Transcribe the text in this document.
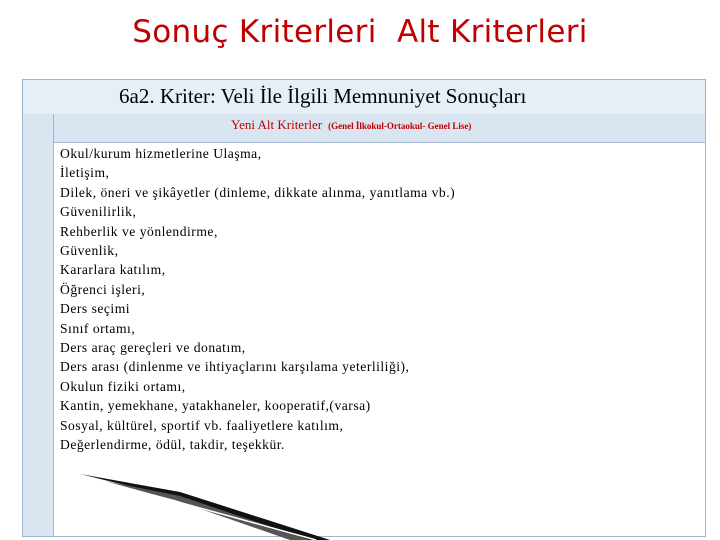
Sonuç Kriterleri  Alt Kriterleri
6a2. Kriter: Veli İle İlgili Memnuniyet Sonuçları
Yeni Alt Kriterler (Genel İlkokul-Ortaokul- Genel Lise)
Okul/kurum hizmetlerine Ulaşma,
İletişim,
Dilek, öneri ve şikâyetler (dinleme, dikkate alınma, yanıtlama vb.)
Güvenilirlik,
Rehberlik ve yönlendirme,
Güvenlik,
Kararlara katılım,
Öğrenci işleri,
Ders seçimi
Sınıf ortamı,
Ders araç gereçleri ve donatım,
Ders arası (dinlenme ve ihtiyaçlarını karşılama yeterliliği),
Okulun fiziki ortamı,
Kantin, yemekhane, yatakhaneler, kooperatif,(varsa)
Sosyal, kültürel, sportif vb. faaliyetlere katılım,
Değerlendirme, ödül, takdir, teşekkür.
